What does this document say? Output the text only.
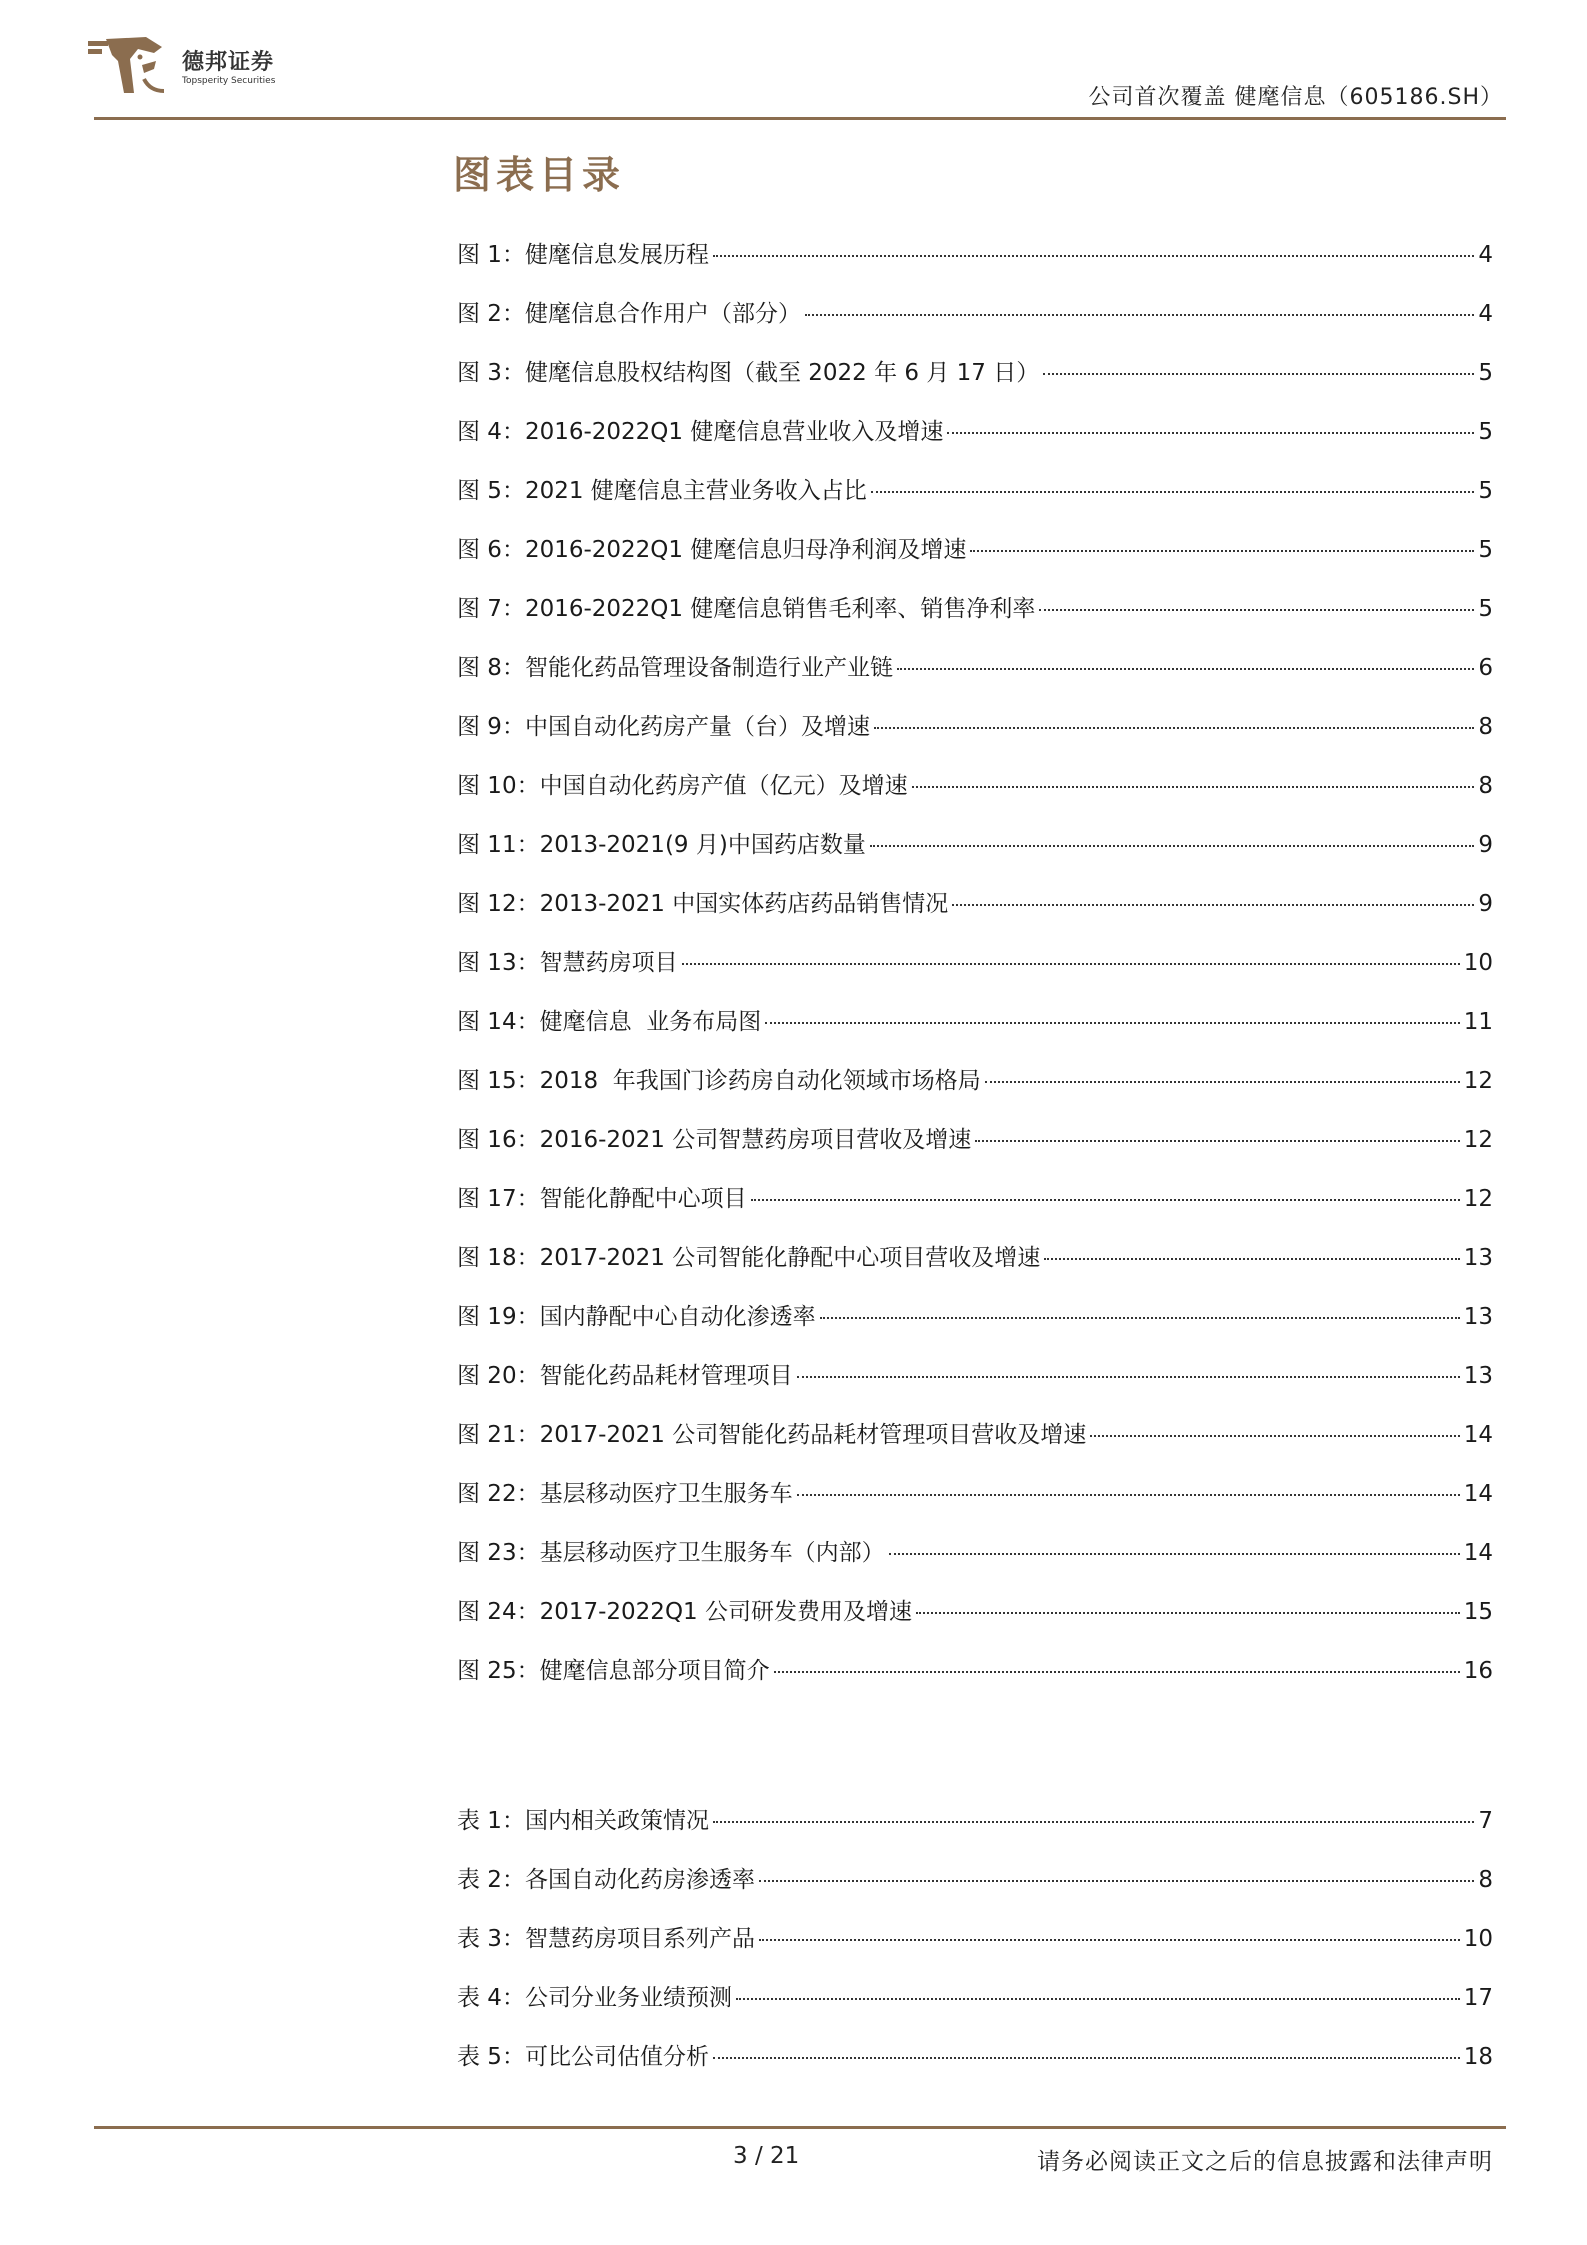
德邦证券
Topsperity Securities
公司首次覆盖 健麾信息（605186.SH）
图表目录
图 1：健麾信息发展历程	4
图 2：健麾信息合作用户（部分）	4
图 3：健麾信息股权结构图（截至 2022 年 6 月 17 日）	5
图 4：2016-2022Q1 健麾信息营业收入及增速	5
图 5：2021 健麾信息主营业务收入占比	5
图 6：2016-2022Q1 健麾信息归母净利润及增速	5
图 7：2016-2022Q1 健麾信息销售毛利率、销售净利率	5
图 8：智能化药品管理设备制造行业产业链	6
图 9：中国自动化药房产量（台）及增速	8
图 10：中国自动化药房产值（亿元）及增速	8
图 11：2013-2021(9 月)中国药店数量	9
图 12：2013-2021 中国实体药店药品销售情况	9
图 13：智慧药房项目	10
图 14：健麾信息  业务布局图	11
图 15：2018  年我国门诊药房自动化领域市场格局	12
图 16：2016-2021 公司智慧药房项目营收及增速	12
图 17：智能化静配中心项目	12
图 18：2017-2021 公司智能化静配中心项目营收及增速	13
图 19：国内静配中心自动化渗透率	13
图 20：智能化药品耗材管理项目	13
图 21：2017-2021 公司智能化药品耗材管理项目营收及增速	14
图 22：基层移动医疗卫生服务车	14
图 23：基层移动医疗卫生服务车（内部）	14
图 24：2017-2022Q1 公司研发费用及增速	15
图 25：健麾信息部分项目简介	16
表 1：国内相关政策情况	7
表 2：各国自动化药房渗透率	8
表 3：智慧药房项目系列产品	10
表 4：公司分业务业绩预测	17
表 5：可比公司估值分析	18
3 / 21	请务必阅读正文之后的信息披露和法律声明
